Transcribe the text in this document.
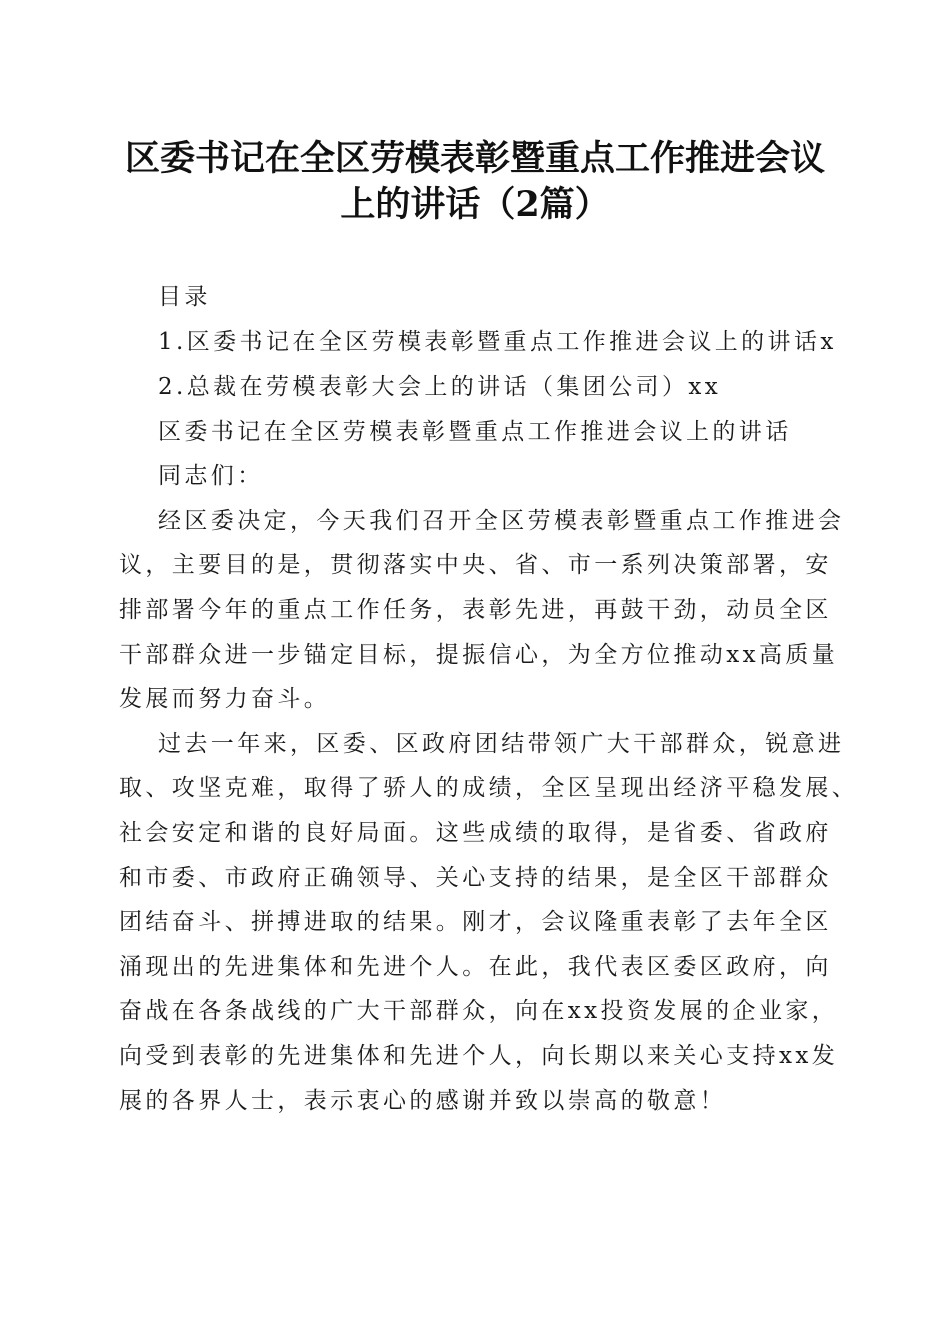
区委书记在全区劳模表彰暨重点工作推进会议
上的讲话（2篇）
目录
1.区委书记在全区劳模表彰暨重点工作推进会议上的讲话x
2.总裁在劳模表彰大会上的讲话（集团公司）xx
区委书记在全区劳模表彰暨重点工作推进会议上的讲话
同志们：
经区委决定，今天我们召开全区劳模表彰暨重点工作推进会
议，主要目的是，贯彻落实中央、省、市一系列决策部署，安
排部署今年的重点工作任务，表彰先进，再鼓干劲，动员全区
干部群众进一步锚定目标，提振信心，为全方位推动xx高质量
发展而努力奋斗。
过去一年来，区委、区政府团结带领广大干部群众，锐意进
取、攻坚克难，取得了骄人的成绩，全区呈现出经济平稳发展、
社会安定和谐的良好局面。这些成绩的取得，是省委、省政府
和市委、市政府正确领导、关心支持的结果，是全区干部群众
团结奋斗、拼搏进取的结果。刚才，会议隆重表彰了去年全区
涌现出的先进集体和先进个人。在此，我代表区委区政府，向
奋战在各条战线的广大干部群众，向在xx投资发展的企业家，
向受到表彰的先进集体和先进个人，向长期以来关心支持xx发
展的各界人士，表示衷心的感谢并致以崇高的敬意！
